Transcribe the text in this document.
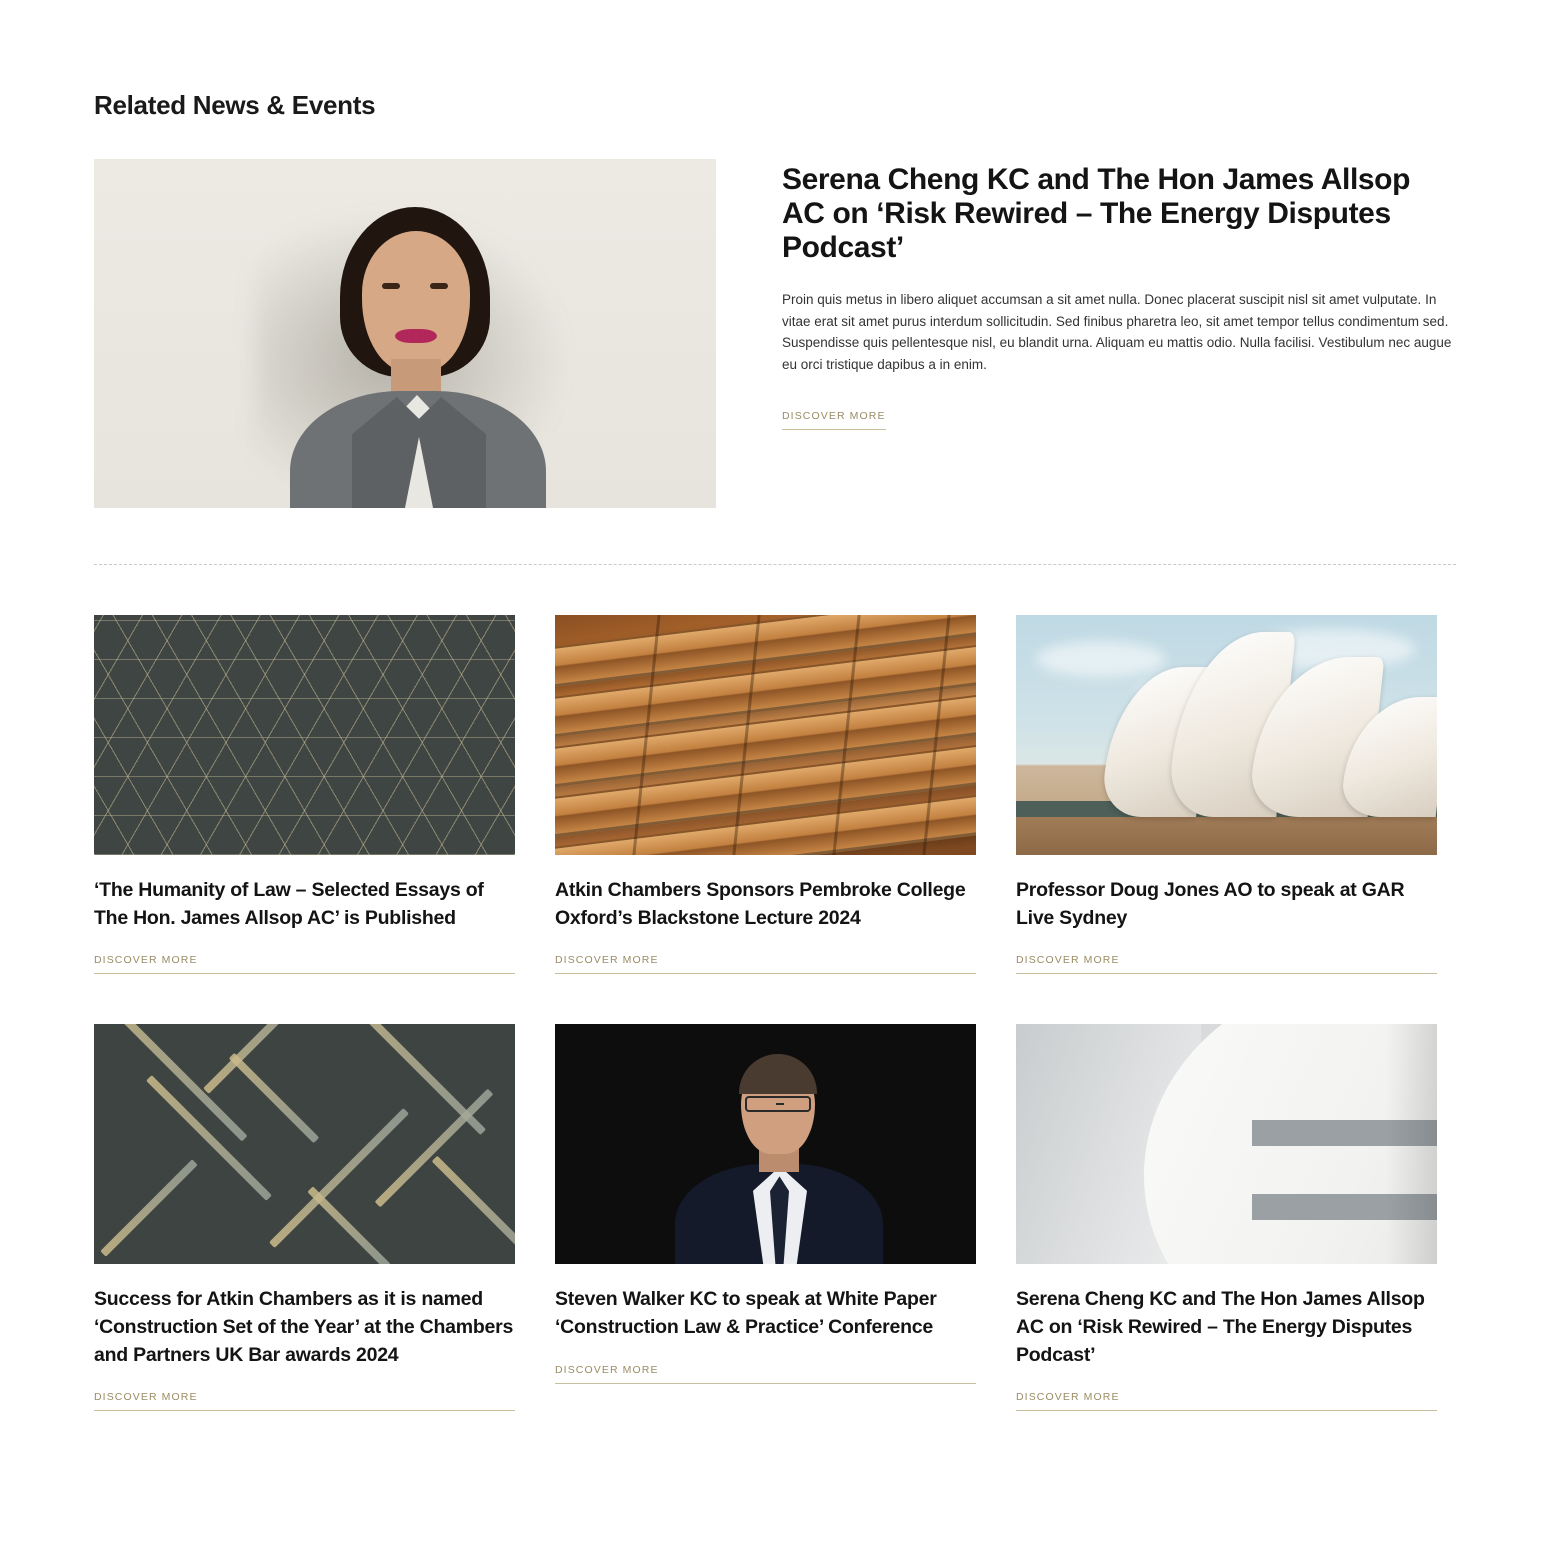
Related News & Events
Serena Cheng KC and The Hon James Allsop AC on ‘Risk Rewired – The Energy Disputes Podcast’

Proin quis metus in libero aliquet accumsan a sit amet nulla. Donec placerat suscipit nisl sit amet vulputate. In vitae erat sit amet purus interdum sollicitudin. Sed finibus pharetra leo, sit amet tempor tellus condimentum sed. Suspendisse quis pellentesque nisl, eu blandit urna. Aliquam eu mattis odio. Nulla facilisi. Vestibulum nec augue eu orci tristique dapibus a in enim.

DISCOVER MORE
‘The Humanity of Law – Selected Essays of The Hon. James Allsop AC’ is Published
DISCOVER MORE
Atkin Chambers Sponsors Pembroke College Oxford’s Blackstone Lecture 2024
DISCOVER MORE
Professor Doug Jones AO to speak at GAR Live Sydney
DISCOVER MORE
Success for Atkin Chambers as it is named ‘Construction Set of the Year’ at the Chambers and Partners UK Bar awards 2024
DISCOVER MORE
Steven Walker KC to speak at White Paper ‘Construction Law & Practice’ Conference
DISCOVER MORE
Serena Cheng KC and The Hon James Allsop AC on ‘Risk Rewired – The Energy Disputes Podcast’
DISCOVER MORE
